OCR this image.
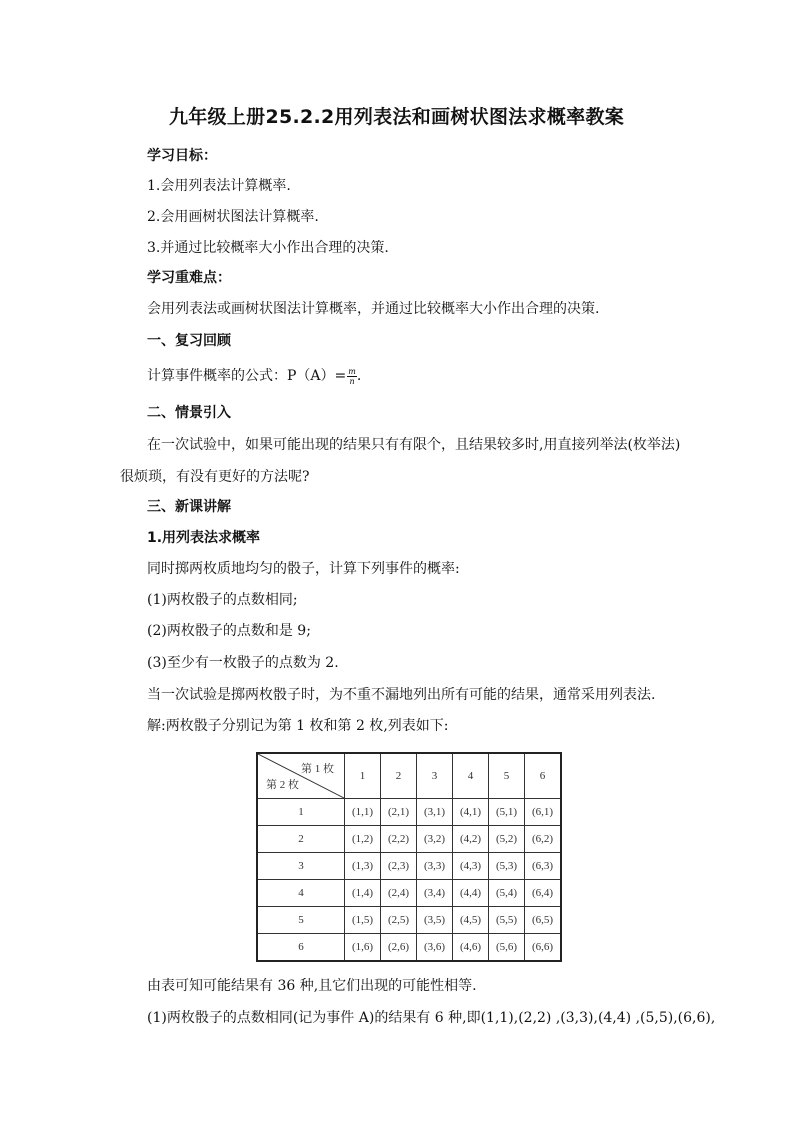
九年级上册25.2.2用列表法和画树状图法求概率教案
学习目标：
1.会用列表法计算概率.
2.会用画树状图法计算概率.
3.并通过比较概率大小作出合理的决策.
学习重难点：
会用列表法或画树状图法计算概率，并通过比较概率大小作出合理的决策.
一、复习回顾
计算事件概率的公式：$P(A)= \frac{m}{n}$ .
二、情景引入
在一次试验中，如果可能出现的结果只有有限个，且结果较多时,用直接列举法(枚举法)
很烦琐，有没有更好的方法呢?
三、新课讲解
1.用列表法求概率
同时掷两枚质地均匀的骰子，计算下列事件的概率:
(1)两枚骰子的点数相同;
(2)两枚骰子的点数和是 9;
(3)至少有一枚骰子的点数为 2.
当一次试验是掷两枚骰子时，为不重不漏地列出所有可能的结果，通常采用列表法.
解:两枚骰子分别记为第 1 枚和第 2 枚,列表如下:
第 1 枚
第 2 枚	1	2	3	4	5	6
1	(1,1)	(2,1)	(3,1)	(4,1)	(5,1)	(6,1)
2	(1,2)	(2,2)	(3,2)	(4,2)	(5,2)	(6,2)
3	(1,3)	(2,3)	(3,3)	(4,3)	(5,3)	(6,3)
4	(1,4)	(2,4)	(3,4)	(4,4)	(5,4)	(6,4)
5	(1,5)	(2,5)	(3,5)	(4,5)	(5,5)	(6,5)
6	(1,6)	(2,6)	(3,6)	(4,6)	(5,6)	(6,6)
由表可知可能结果有 36 种,且它们出现的可能性相等.
(1)两枚骰子的点数相同(记为事件 A)的结果有 6 种,即(1,1),(2,2) ,(3,3),(4,4) ,(5,5),(6,6),
